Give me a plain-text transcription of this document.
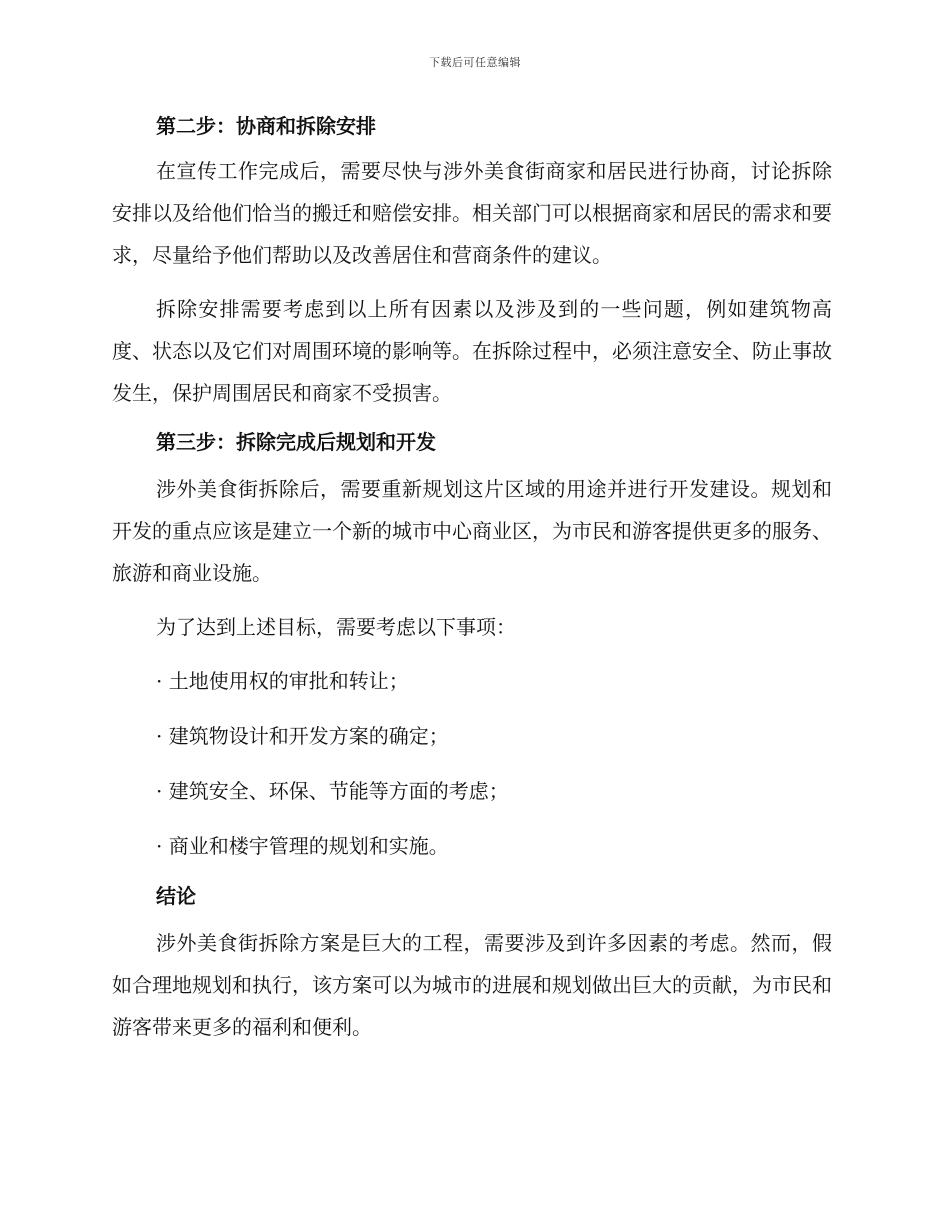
下载后可任意编辑

第二步：协商和拆除安排

在宣传工作完成后，需要尽快与涉外美食街商家和居民进行协商，讨论拆除安排以及给他们恰当的搬迁和赔偿安排。相关部门可以根据商家和居民的需求和要求，尽量给予他们帮助以及改善居住和营商条件的建议。

拆除安排需要考虑到以上所有因素以及涉及到的一些问题，例如建筑物高度、状态以及它们对周围环境的影响等。在拆除过程中，必须注意安全、防止事故发生，保护周围居民和商家不受损害。

第三步：拆除完成后规划和开发

涉外美食街拆除后，需要重新规划这片区域的用途并进行开发建设。规划和开发的重点应该是建立一个新的城市中心商业区，为市民和游客提供更多的服务、旅游和商业设施。

为了达到上述目标，需要考虑以下事项：

· 土地使用权的审批和转让；

· 建筑物设计和开发方案的确定；

· 建筑安全、环保、节能等方面的考虑；

· 商业和楼宇管理的规划和实施。

结论

涉外美食街拆除方案是巨大的工程，需要涉及到许多因素的考虑。然而，假如合理地规划和执行，该方案可以为城市的进展和规划做出巨大的贡献，为市民和游客带来更多的福利和便利。
